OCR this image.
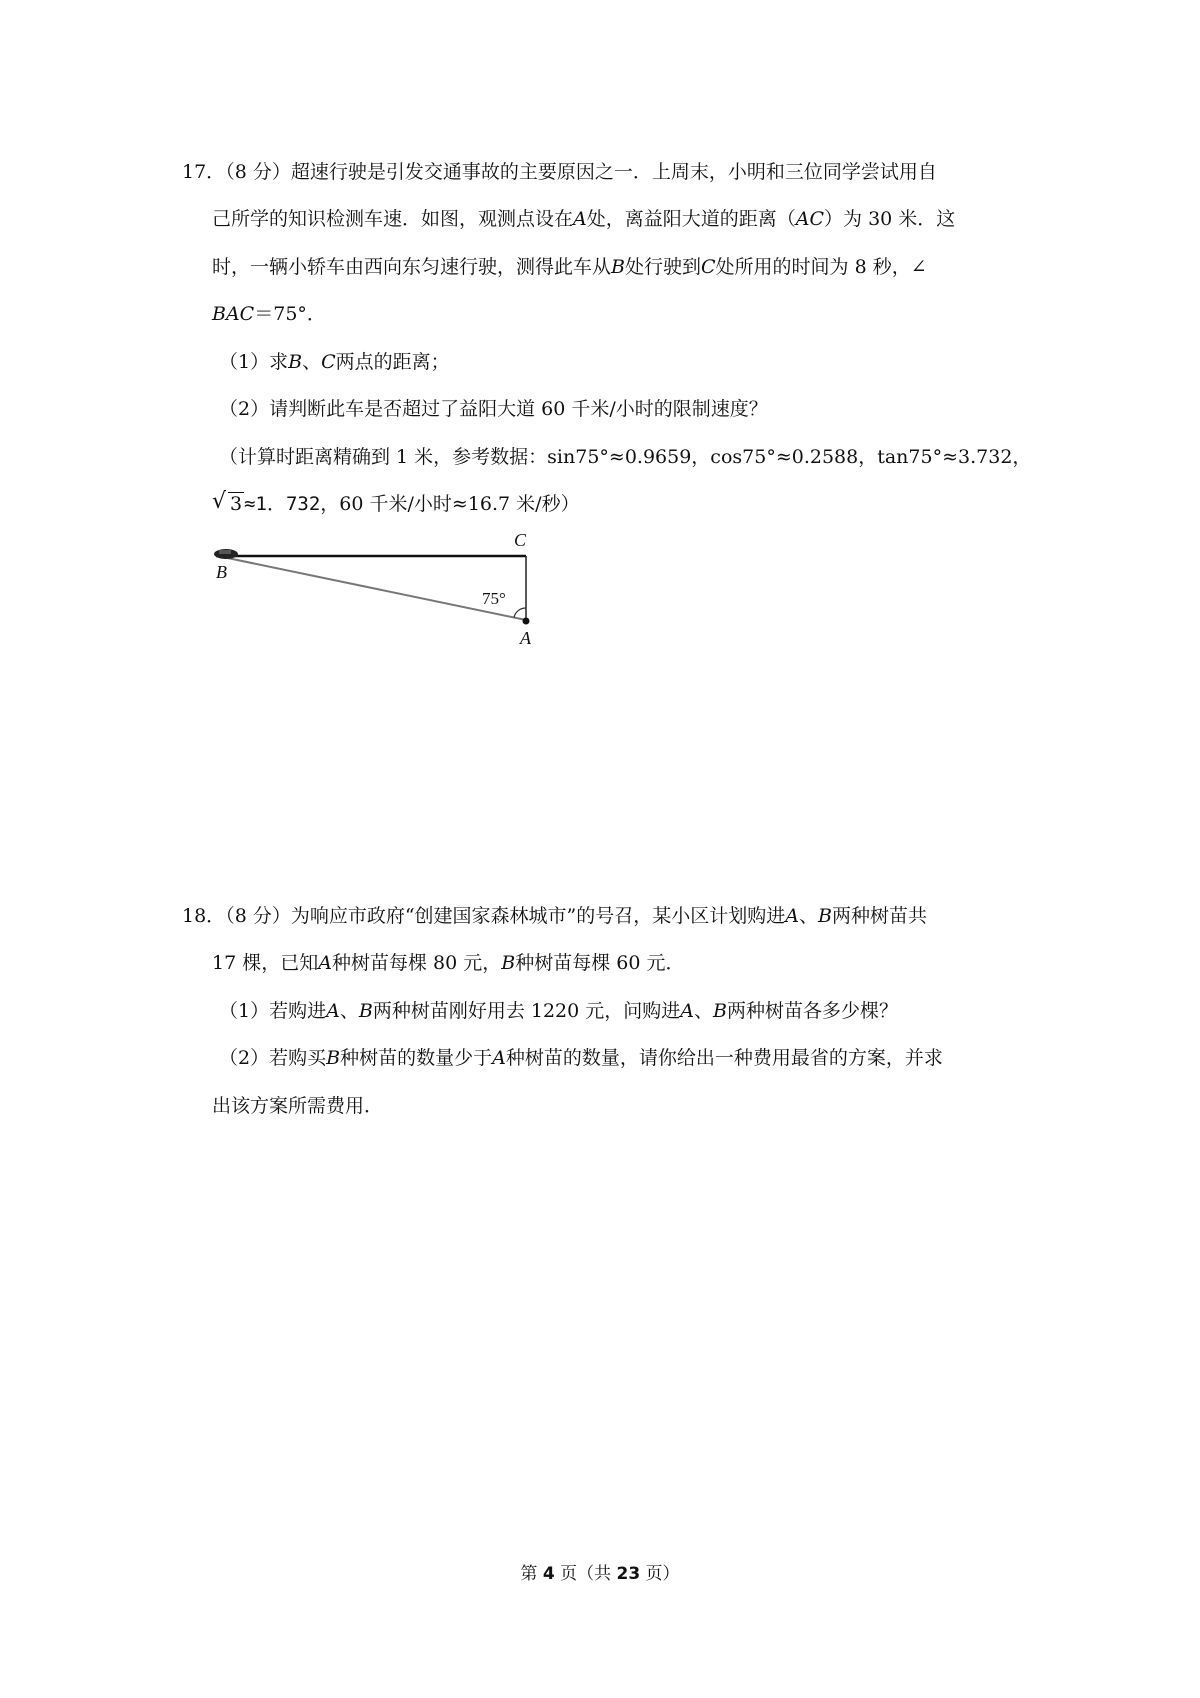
17．（8 分）超速行驶是引发交通事故的主要原因之一．上周末，小明和三位同学尝试用自
己所学的知识检测车速．如图，观测点设在A处，离益阳大道的距离（AC）为 30 米．这
时，一辆小轿车由西向东匀速行驶，测得此车从B处行驶到C处所用的时间为 8 秒，∠
BAC＝75°．
（1）求B、C两点的距离；
（2）请判断此车是否超过了益阳大道 60 千米/小时的限制速度？
（计算时距离精确到 1 米，参考数据：sin75°≈0.9659，cos75°≈0.2588，tan75°≈3.732，
√ 3 ≈1．732，60 千米/小时≈16.7 米/秒）
C
B
A
75°
18．（8 分）为响应市政府“创建国家森林城市”的号召，某小区计划购进A、B两种树苗共
17 棵，已知A种树苗每棵 80 元，B种树苗每棵 60 元．
（1）若购进A、B两种树苗刚好用去 1220 元，问购进A、B两种树苗各多少棵？
（2）若购买B种树苗的数量少于A种树苗的数量，请你给出一种费用最省的方案，并求
出该方案所需费用．
第 4 页（共 23 页）
